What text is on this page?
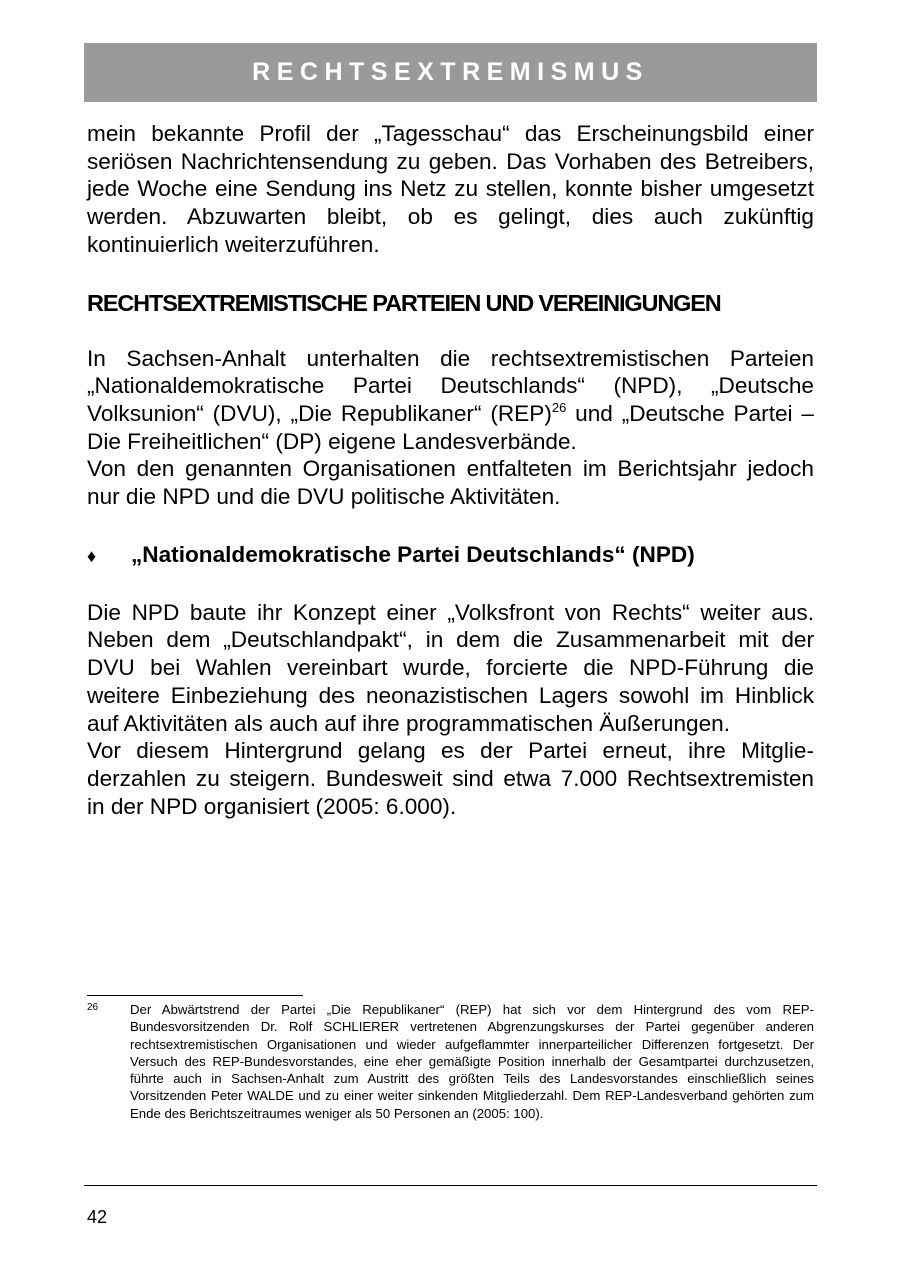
RECHTSEXTREMISMUS

mein bekannte Profil der „Tagesschau“ das Erscheinungsbild einer seriösen Nachrichtensendung zu geben. Das Vorhaben des Betreibers, jede Woche eine Sendung ins Netz zu stellen, konnte bisher umgesetzt werden. Abzuwarten bleibt, ob es gelingt, dies auch zukünftig kontinuierlich weiterzuführen.

RECHTSEXTREMISTISCHE PARTEIEN UND VEREINIGUNGEN

In Sachsen-Anhalt unterhalten die rechtsextremistischen Parteien „Nationaldemokratische Partei Deutschlands“ (NPD), „Deutsche Volksunion“ (DVU), „Die Republikaner“ (REP)$^{26}$ und „Deutsche Partei – Die Freiheitlichen“ (DP) eigene Landesverbände.

Von den genannten Organisationen entfalteten im Berichtsjahr jedoch nur die NPD und die DVU politische Aktivitäten.

♦	„Nationaldemokratische Partei Deutschlands“ (NPD)

Die NPD baute ihr Konzept einer „Volksfront von Rechts“ weiter aus. Neben dem „Deutschlandpakt“, in dem die Zusammenarbeit mit der DVU bei Wahlen vereinbart wurde, forcierte die NPD-Führung die weitere Einbeziehung des neonazistischen Lagers sowohl im Hinblick auf Aktivitäten als auch auf ihre programmatischen Äußerungen.

Vor diesem Hintergrund gelang es der Partei erneut, ihre Mitgliederzahlen zu steigern. Bundesweit sind etwa 7.000 Rechtsextremisten in der NPD organisiert (2005: 6.000).

26	Der Abwärtstrend der Partei „Die Republikaner“ (REP) hat sich vor dem Hintergrund des vom REP-Bundesvorsitzenden Dr. Rolf SCHLIERER vertretenen Abgrenzungskurses der Partei gegenüber anderen rechtsextremistischen Organisationen und wieder aufgeflammter innerparteilicher Differenzen fortgesetzt. Der Versuch des REP-Bundesvorstandes, eine eher gemäßigte Position innerhalb der Gesamtpartei durchzusetzen, führte auch in Sachsen-Anhalt zum Austritt des größten Teils des Landesvorstandes einschließlich seines Vorsitzenden Peter WALDE und zu einer weiter sinkenden Mitgliederzahl. Dem REP-Landesverband gehörten zum Ende des Berichtszeitraumes weniger als 50 Personen an (2005: 100).
42
